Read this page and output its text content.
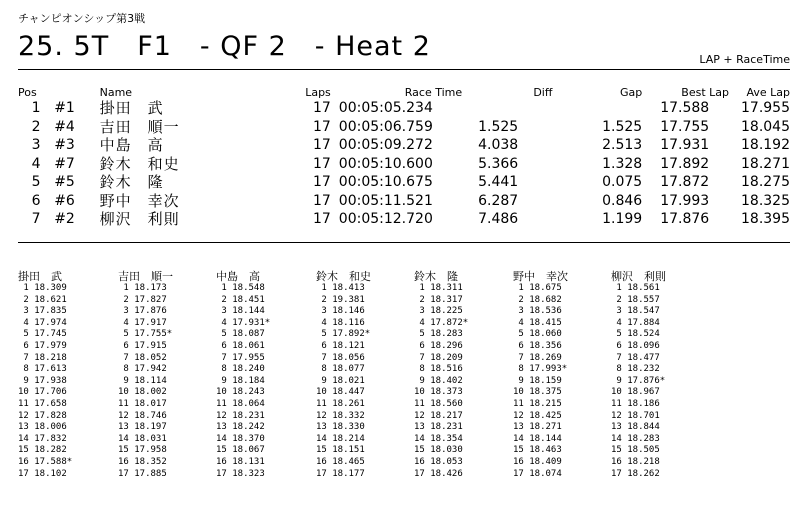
チャンピオンシップ第3戦
25. 5T　F1　- QF 2　- Heat 2	LAP + RaceTime
Pos		Name	Laps	Race Time	Diff	Gap	Best Lap	Ave Lap
1	#1	掛田　武	17	00:05:05.234			17.588	17.955
2	#4	吉田　順一	17	00:05:06.759	1.525	1.525	17.755	18.045
3	#3	中島　高	17	00:05:09.272	4.038	2.513	17.931	18.192
4	#7	鈴木　和史	17	00:05:10.600	5.366	1.328	17.892	18.271
5	#5	鈴木　隆	17	00:05:10.675	5.441	0.075	17.872	18.275
6	#6	野中　幸次	17	00:05:11.521	6.287	0.846	17.993	18.325
7	#2	柳沢　利則	17	00:05:12.720	7.486	1.199	17.876	18.395
掛田　武
1 18.309
2 18.621
3 17.835
4 17.974
5 17.745
6 17.979
7 18.218
8 17.613
9 17.938
10 17.706
11 17.658
12 17.828
13 18.006
14 17.832
15 18.282
16 17.588*
17 18.102
吉田　順一
1 18.173
2 17.827
3 17.876
4 17.917
5 17.755*
6 17.915
7 18.052
8 17.942
9 18.114
10 18.002
11 18.017
12 18.746
13 18.197
14 18.031
15 17.958
16 18.352
17 17.885
中島　高
1 18.548
2 18.451
3 18.144
4 17.931*
5 18.087
6 18.061
7 17.955
8 18.240
9 18.184
10 18.243
11 18.064
12 18.231
13 18.242
14 18.370
15 18.067
16 18.131
17 18.323
鈴木　和史
1 18.413
2 19.381
3 18.146
4 18.116
5 17.892*
6 18.121
7 18.056
8 18.077
9 18.021
10 18.447
11 18.261
12 18.332
13 18.330
14 18.214
15 18.151
16 18.465
17 18.177
鈴木　隆
1 18.311
2 18.317
3 18.225
4 17.872*
5 18.283
6 18.296
7 18.209
8 18.516
9 18.402
10 18.373
11 18.560
12 18.217
13 18.231
14 18.354
15 18.030
16 18.053
17 18.426
野中　幸次
1 18.675
2 18.682
3 18.536
4 18.415
5 18.060
6 18.356
7 18.269
8 17.993*
9 18.159
10 18.375
11 18.215
12 18.425
13 18.271
14 18.144
15 18.463
16 18.409
17 18.074
柳沢　利則
1 18.561
2 18.557
3 18.547
4 17.884
5 18.524
6 18.096
7 18.477
8 18.232
9 17.876*
10 18.967
11 18.186
12 18.701
13 18.844
14 18.283
15 18.505
16 18.218
17 18.262
